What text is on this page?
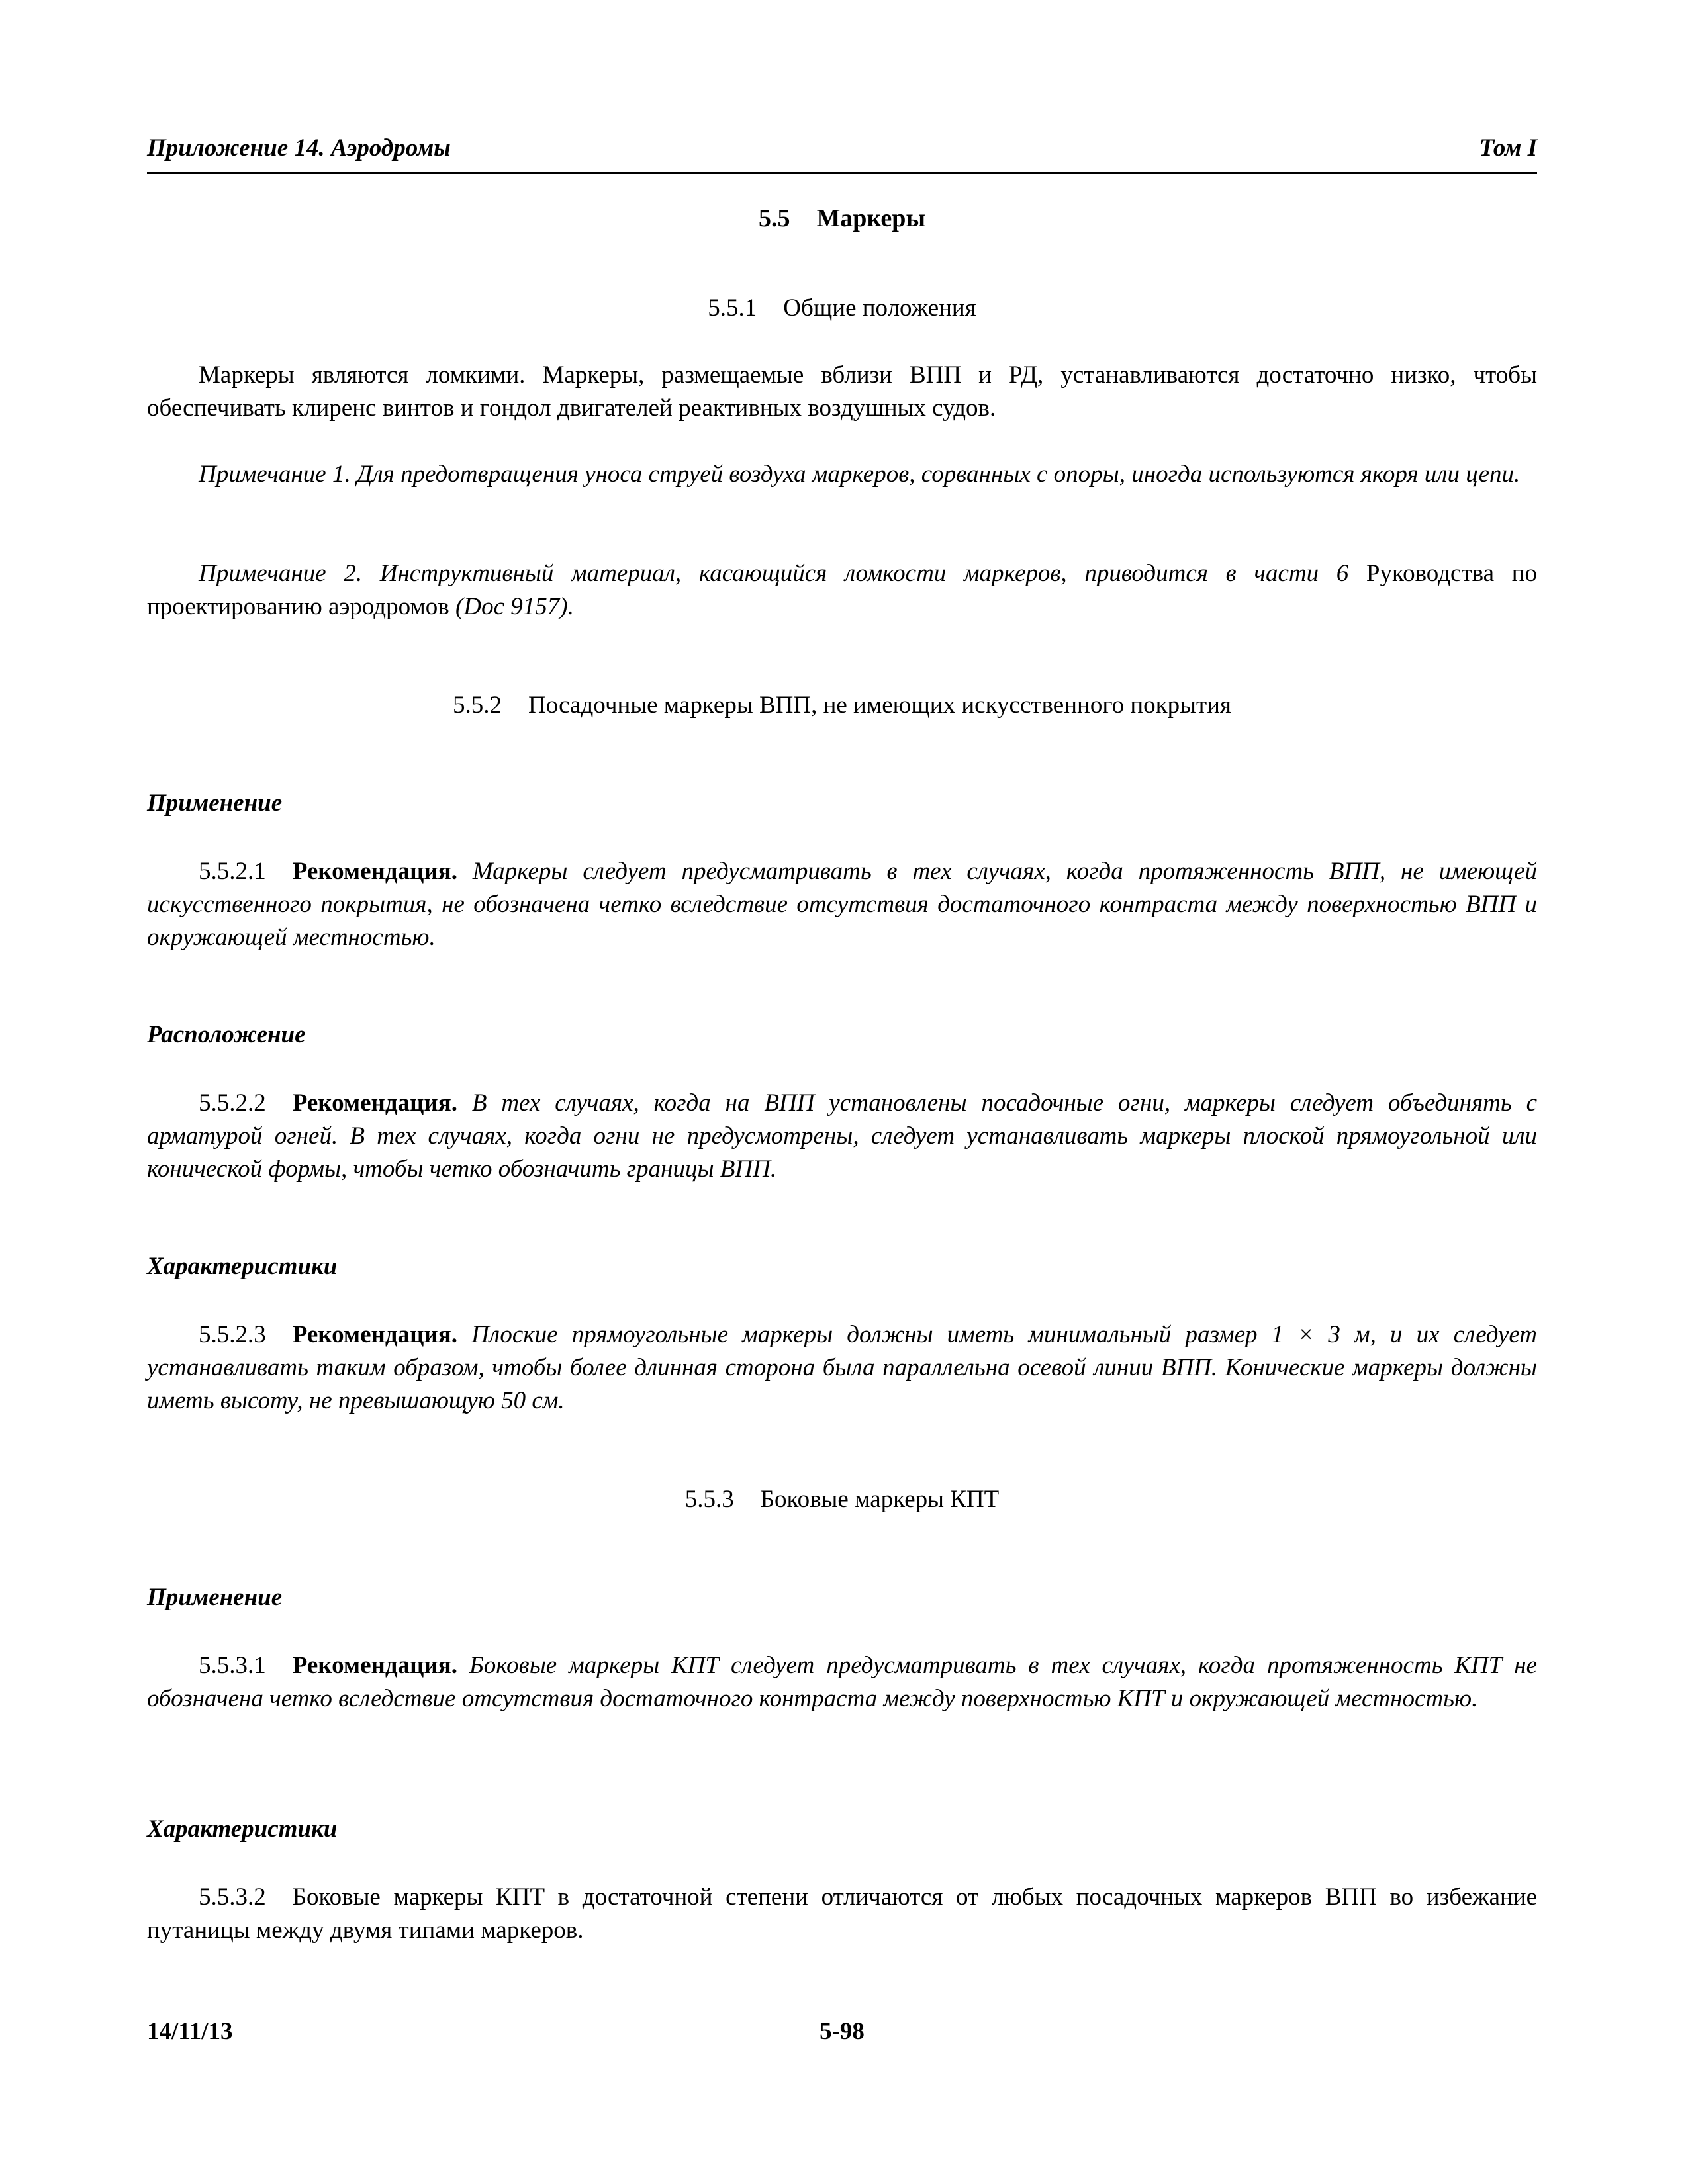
Приложение 14. Аэродромы	Том I
5.5 Маркеры
5.5.1 Общие положения

Маркеры являются ломкими. Маркеры, размещаемые вблизи ВПП и РД, устанавливаются достаточно низко, чтобы обеспечивать клиренс винтов и гондол двигателей реактивных воздушных судов.

Примечание 1. Для предотвращения уноса струей воздуха маркеров, сорванных с опоры, иногда используются якоря или цепи.

Примечание 2. Инструктивный материал, касающийся ломкости маркеров, приводится в части 6 Руководства по проектированию аэродромов (Doc 9157).

5.5.2 Посадочные маркеры ВПП, не имеющих искусственного покрытия
Применение

5.5.2.1 Рекомендация. Маркеры следует предусматривать в тех случаях, когда протяженность ВПП, не имеющей искусственного покрытия, не обозначена четко вследствие отсутствия достаточного контраста между поверхностью ВПП и окружающей местностью.

Расположение

5.5.2.2 Рекомендация. В тех случаях, когда на ВПП установлены посадочные огни, маркеры следует объединять с арматурой огней. В тех случаях, когда огни не предусмотрены, следует устанавливать маркеры плоской прямоугольной или конической формы, чтобы четко обозначить границы ВПП.

Характеристики

5.5.2.3 Рекомендация. Плоские прямоугольные маркеры должны иметь минимальный размер 1 × 3 м, и их следует устанавливать таким образом, чтобы более длинная сторона была параллельна осевой линии ВПП. Конические маркеры должны иметь высоту, не превышающую 50 см.

5.5.3 Боковые маркеры КПТ
Применение

5.5.3.1 Рекомендация. Боковые маркеры КПТ следует предусматривать в тех случаях, когда протяженность КПТ не обозначена четко вследствие отсутствия достаточного контраста между поверхностью КПТ и окружающей местностью.

Характеристики

5.5.3.2 Боковые маркеры КПТ в достаточной степени отличаются от любых посадочных маркеров ВПП во избежание путаницы между двумя типами маркеров.

14/11/13	5-98
